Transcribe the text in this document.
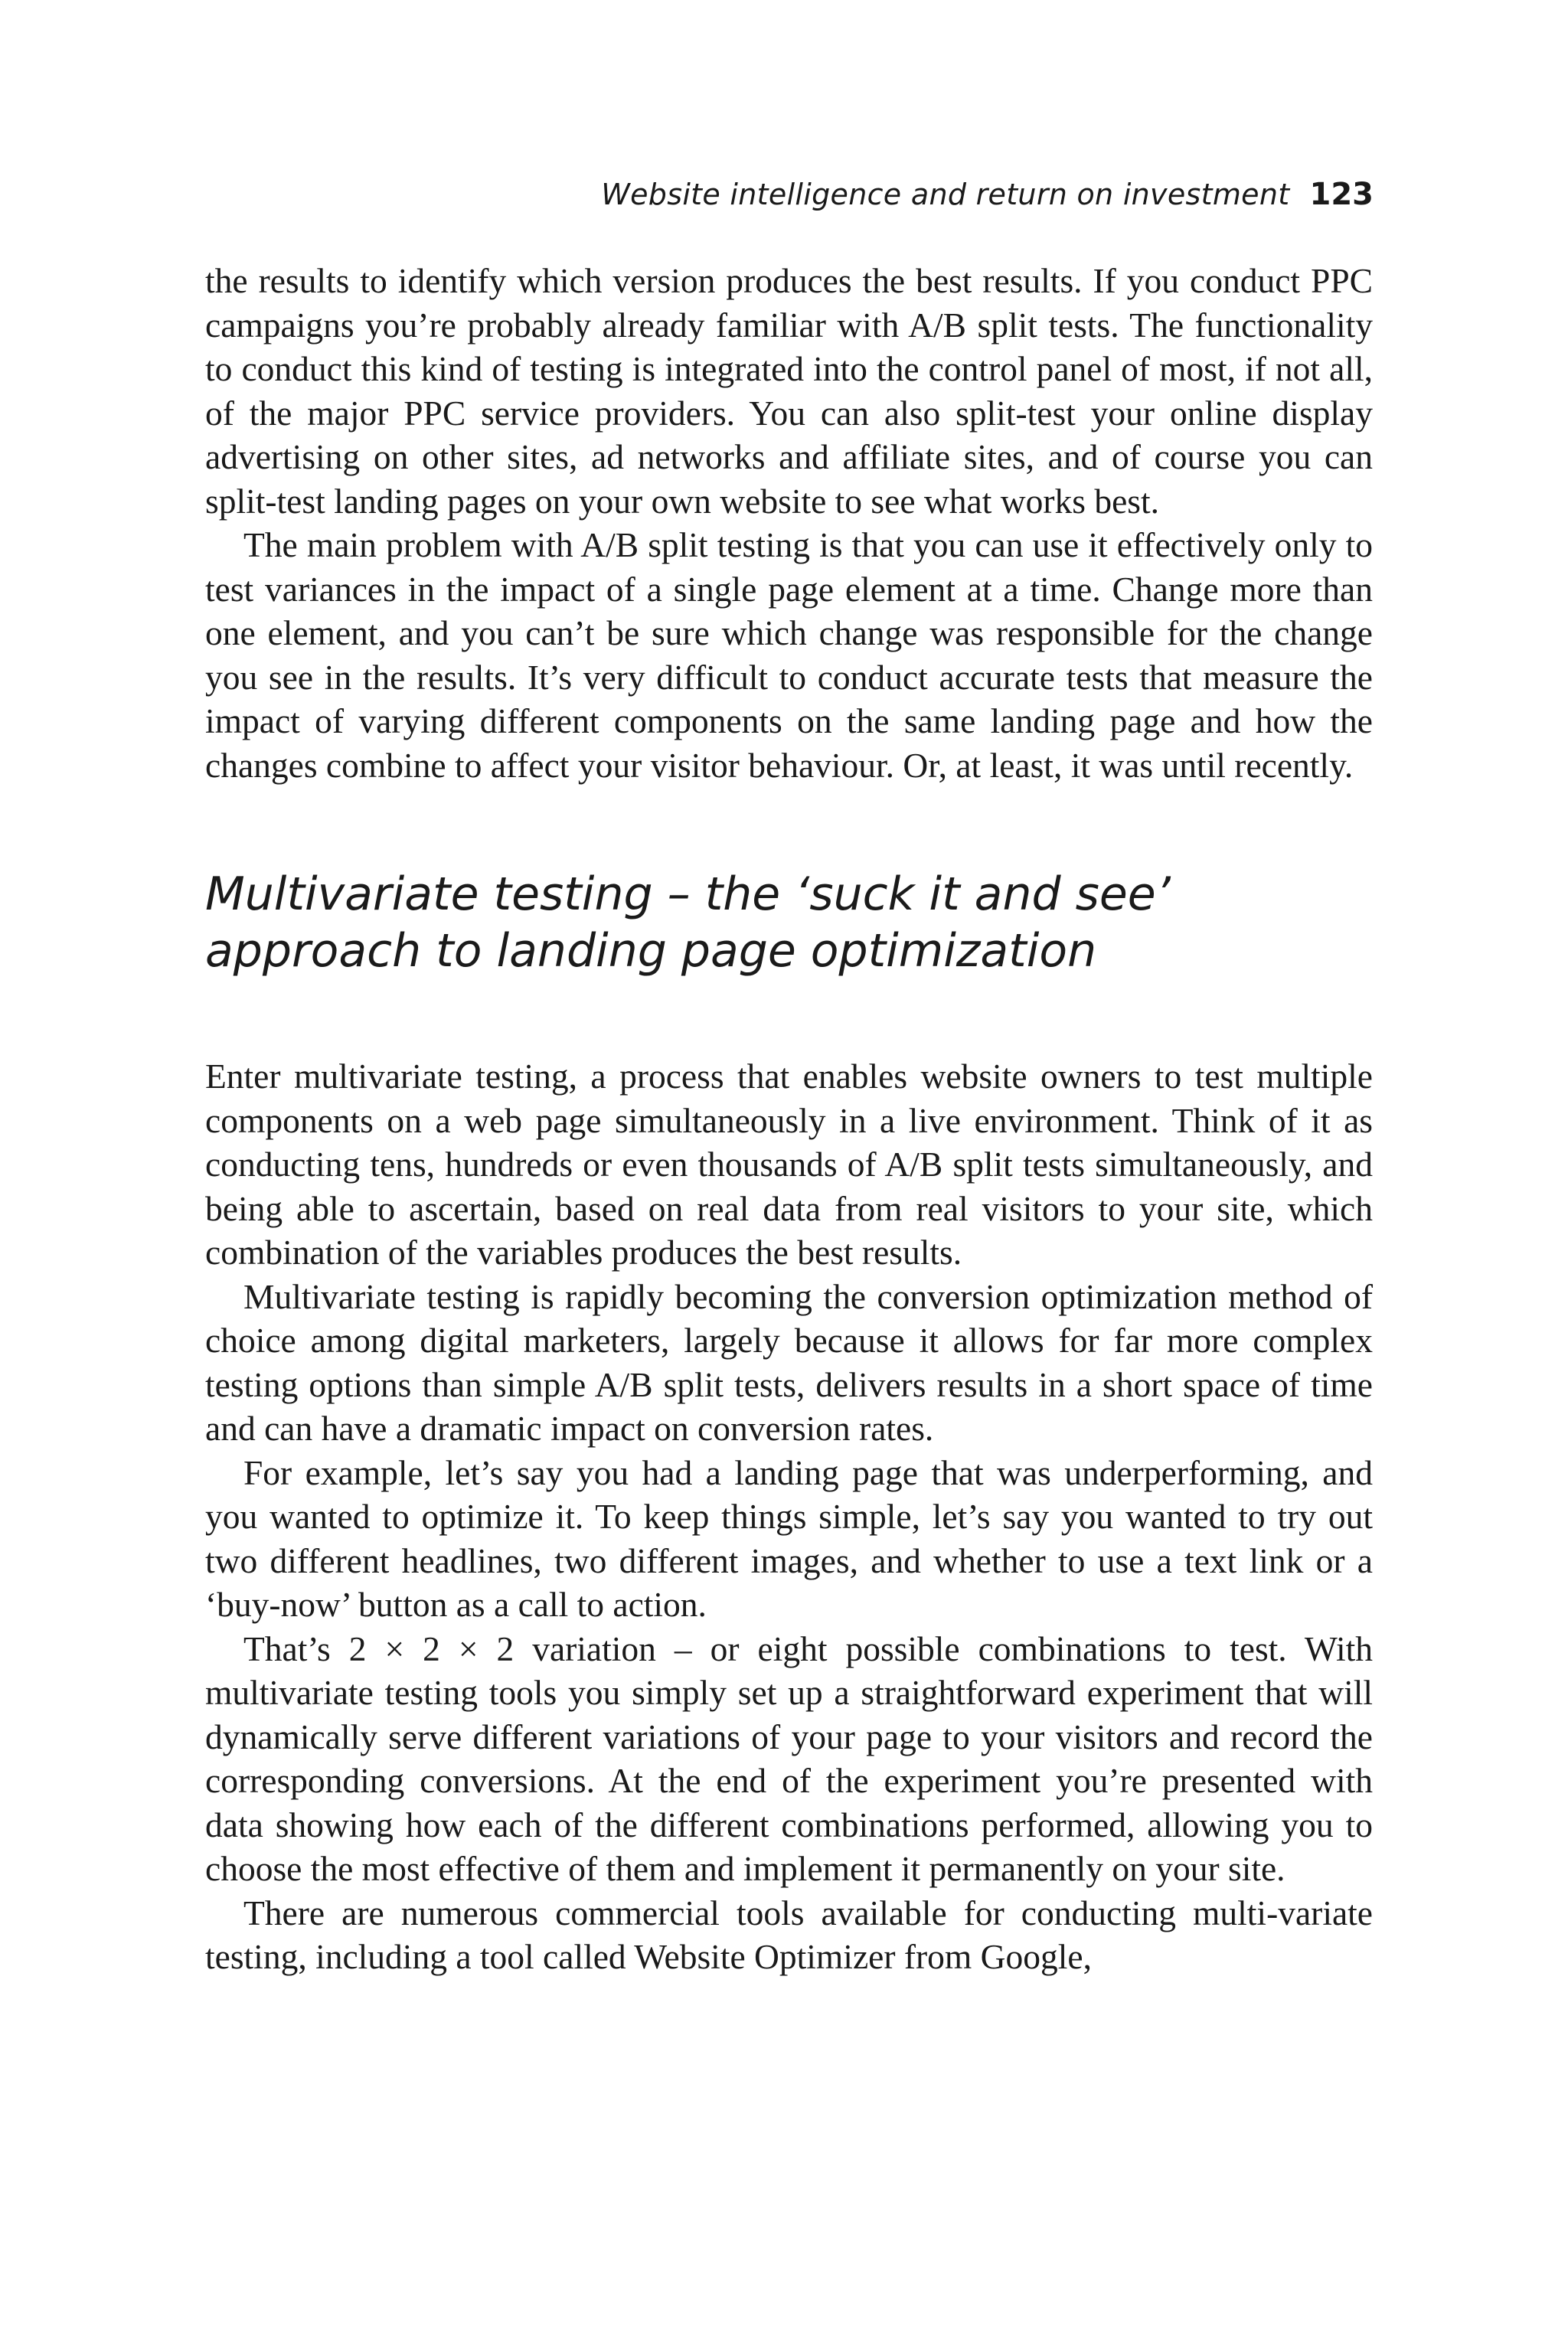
Website intelligence and return on investment 123

the results to identify which version produces the best results. If you conduct PPC campaigns you’re probably already familiar with A/B split tests. The functionality to conduct this kind of testing is integrated into the control panel of most, if not all, of the major PPC service providers. You can also split-test your online display advertising on other sites, ad networks and affiliate sites, and of course you can split-test landing pages on your own website to see what works best.

The main problem with A/B split testing is that you can use it effectively only to test variances in the impact of a single page element at a time. Change more than one element, and you can’t be sure which change was responsible for the change you see in the results. It’s very difficult to conduct accurate tests that measure the impact of varying different components on the same landing page and how the changes combine to affect your visitor behaviour. Or, at least, it was until recently.

Multivariate testing – the ‘suck it and see’ approach to landing page optimization

Enter multivariate testing, a process that enables website owners to test multiple components on a web page simultaneously in a live environment. Think of it as conducting tens, hundreds or even thousands of A/B split tests simultaneously, and being able to ascertain, based on real data from real visitors to your site, which combination of the variables produces the best results.

Multivariate testing is rapidly becoming the conversion optimization method of choice among digital marketers, largely because it allows for far more complex testing options than simple A/B split tests, delivers results in a short space of time and can have a dramatic impact on conversion rates.

For example, let’s say you had a landing page that was underperforming, and you wanted to optimize it. To keep things simple, let’s say you wanted to try out two different headlines, two different images, and whether to use a text link or a ‘buy-now’ button as a call to action.

That’s 2 × 2 × 2 variation – or eight possible combinations to test. With multivariate testing tools you simply set up a straightforward experiment that will dynamically serve different variations of your page to your visitors and record the corresponding conversions. At the end of the experiment you’re presented with data showing how each of the different combinations performed, allowing you to choose the most effective of them and implement it permanently on your site.

There are numerous commercial tools available for conducting multi-variate testing, including a tool called Website Optimizer from Google,
